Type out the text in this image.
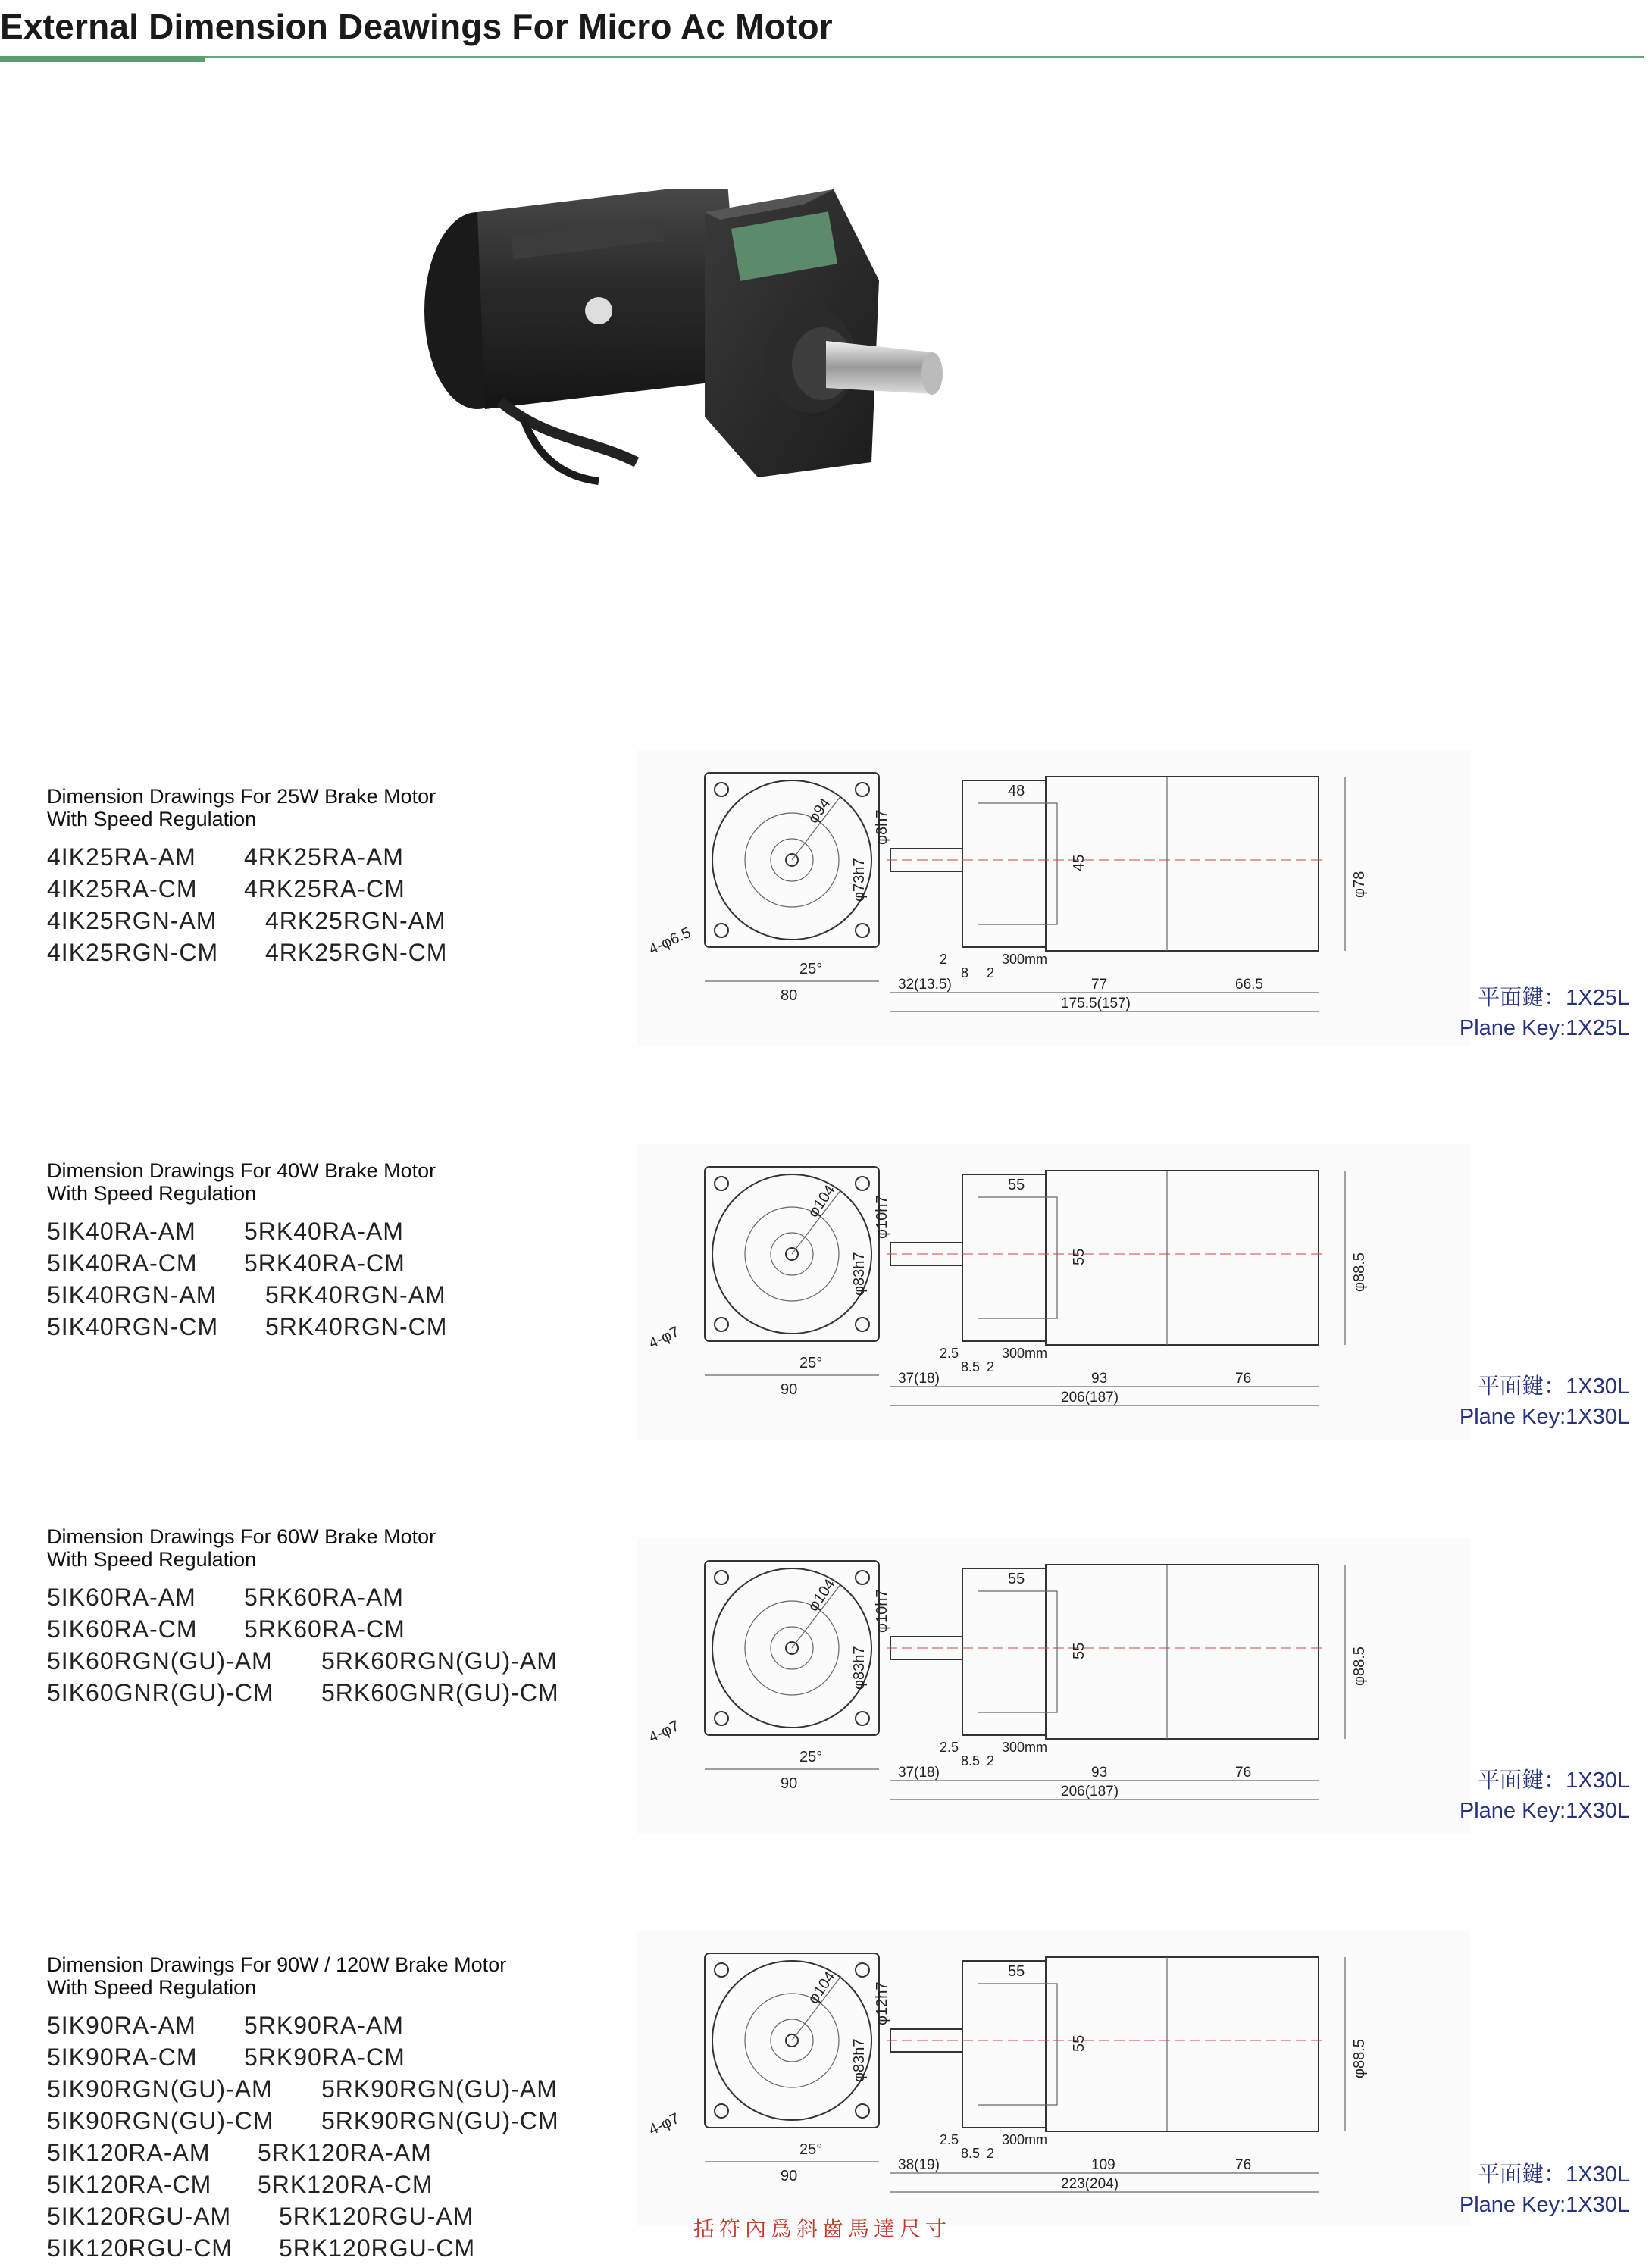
External Dimension Deawings For Micro Ac Motor
Dimension Drawings For 25W Brake Motor
With Speed Regulation
4IK25RA-AM 4RK25RA-AM
4IK25RA-CM 4RK25RA-CM
4IK25RGN-AM 4RK25RGN-AM
4IK25RGN-CM 4RK25RGN-CM
Dimension Drawings For 40W Brake Motor
With Speed Regulation
5IK40RA-AM 5RK40RA-AM
5IK40RA-CM 5RK40RA-CM
5IK40RGN-AM 5RK40RGN-AM
5IK40RGN-CM 5RK40RGN-CM
Dimension Drawings For 60W Brake Motor
With Speed Regulation
5IK60RA-AM 5RK60RA-AM
5IK60RA-CM 5RK60RA-CM
5IK60RGN(GU)-AM 5RK60RGN(GU)-AM
5IK60GNR(GU)-CM 5RK60GNR(GU)-CM
Dimension Drawings For 90W / 120W Brake Motor
With Speed Regulation
5IK90RA-AM 5RK90RA-AM
5IK90RA-CM 5RK90RA-CM
5IK90RGN(GU)-AM 5RK90RGN(GU)-AM
5IK90RGN(GU)-CM 5RK90RGN(GU)-CM
5IK120RA-AM 5RK120RA-AM
5IK120RA-CM 5RK120RA-CM
5IK120RGU-AM 5RK120RGU-AM
5IK120RGU-CM 5RK120RGU-CM
φ94
4-φ6.5
80
25°
48
45
φ8h7
φ73h7	φ78
2
8 2
300mm
32(13.5)	77	66.5
175.5(157)
φ104
4-φ7
90
25°
55
55
φ10h7
φ83h7	φ88.5
2.5
8.5 2
300mm
37(18)	93	76
206(187)
φ104
4-φ7
90
25°
55
55
φ10h7
φ83h7	φ88.5
2.5
8.5 2
300mm
37(18)	93	76
206(187)
φ104
4-φ7
90
25°
55
55
φ12h7
φ83h7	φ88.5
2.5
8.5 2
300mm
38(19)	109	76
223(204)
平面鍵：1X25L
Plane Key:1X25L
平面鍵：1X30L
Plane Key:1X30L
平面鍵：1X30L
Plane Key:1X30L
平面鍵：1X30L
Plane Key:1X30L
括符內爲斜齒馬達尺寸
